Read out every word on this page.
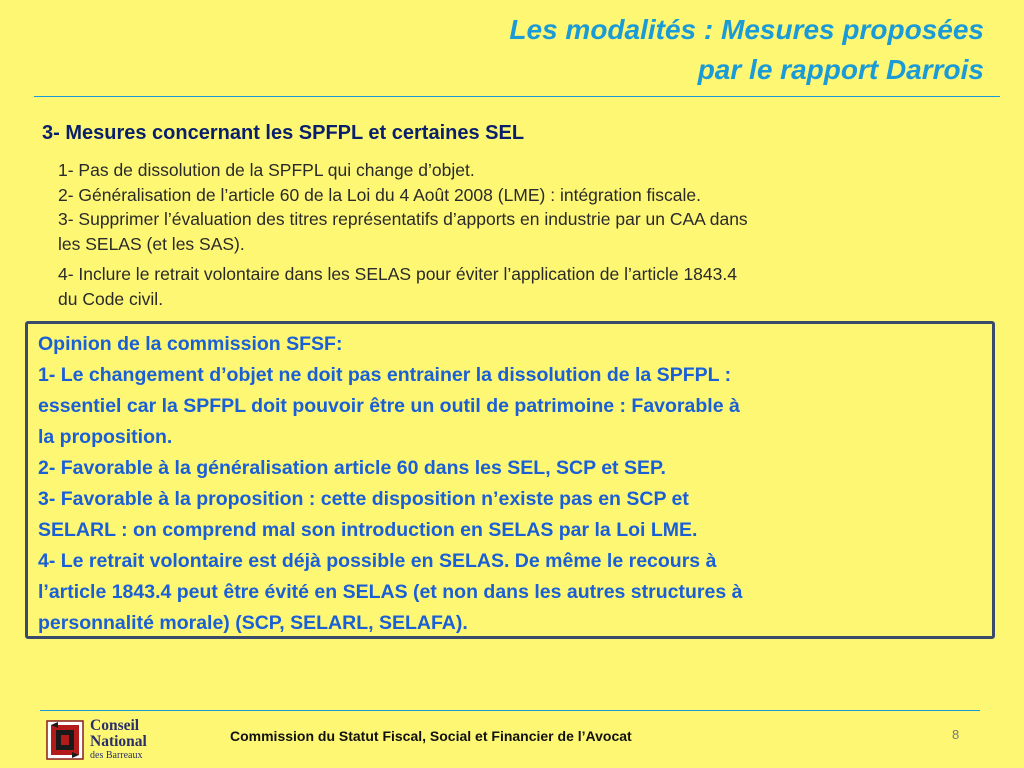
Les modalités : Mesures proposées
par le rapport Darrois
3- Mesures concernant les SPFPL et certaines SEL
1- Pas de dissolution de la SPFPL qui change d’objet.
2- Généralisation de l’article 60 de la Loi du 4 Août 2008 (LME) : intégration fiscale.
3- Supprimer l’évaluation des titres représentatifs d’apports en industrie par un CAA dans
les SELAS (et les SAS).
4- Inclure le retrait volontaire dans les SELAS pour éviter l’application de l’article 1843.4
du Code civil.
Opinion de la commission SFSF:
1- Le changement d’objet ne doit pas entrainer la dissolution de la SPFPL :
essentiel car la SPFPL doit pouvoir être un outil de patrimoine : Favorable à
la proposition.
2- Favorable à la généralisation article 60 dans les SEL, SCP et SEP.
3- Favorable à la proposition : cette disposition n’existe pas en SCP et
SELARL : on comprend mal son introduction en SELAS par la Loi LME.
4- Le retrait volontaire est déjà possible en SELAS. De même le recours à
l’article 1843.4 peut être évité en SELAS (et non dans les autres structures à
personnalité morale) (SCP, SELARL, SELAFA).
Conseil
National
des Barreaux
Commission du Statut Fiscal, Social et Financier de l’Avocat	8
